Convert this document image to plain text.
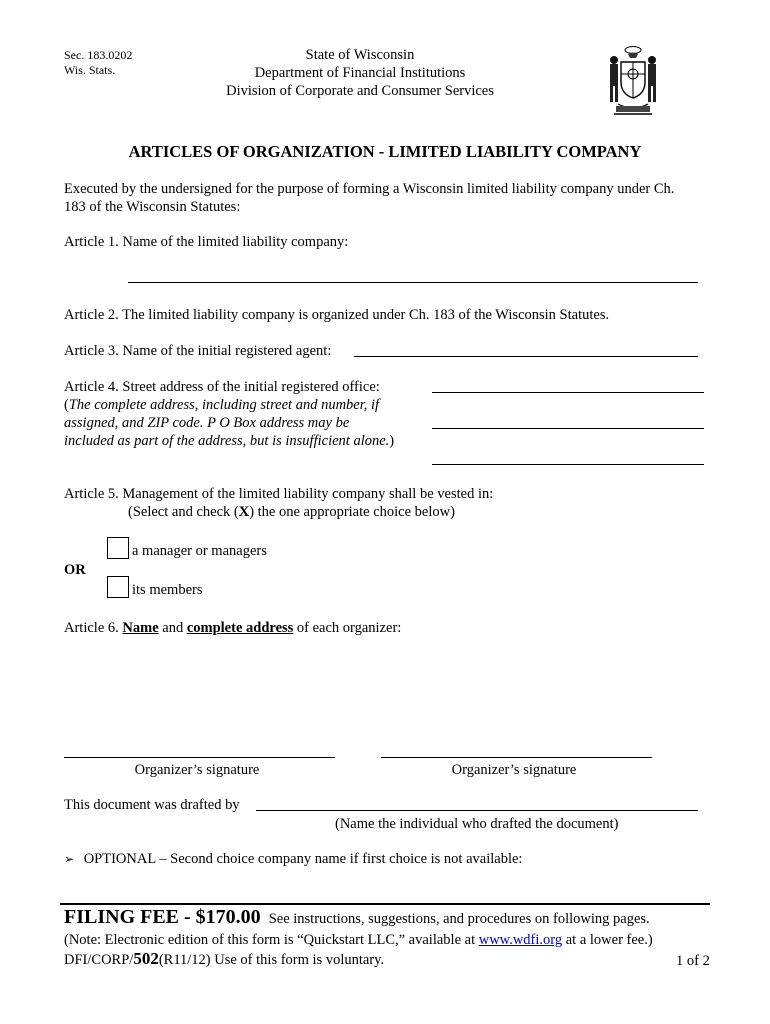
Sec. 183.0202
Wis. Stats.
State of Wisconsin
Department of Financial Institutions
Division of Corporate and Consumer Services
ARTICLES OF ORGANIZATION - LIMITED LIABILITY COMPANY
Executed by the undersigned for the purpose of forming a Wisconsin limited liability company under Ch.
183 of the Wisconsin Statutes:
Article 1. Name of the limited liability company:
Article 2. The limited liability company is organized under Ch. 183 of the Wisconsin Statutes.
Article 3. Name of the initial registered agent:
Article 4. Street address of the initial registered office:
(The complete address, including street and number, if
assigned, and ZIP code. P O Box address may be
included as part of the address, but is insufficient alone.)
Article 5. Management of the limited liability company shall be vested in:
(Select and check (X) the one appropriate choice below)
a manager or managers
OR
its members
Article 6. Name and complete address of each organizer:
Organizer’s signature	Organizer’s signature
This document was drafted by
(Name the individual who drafted the document)
➢ OPTIONAL – Second choice company name if first choice is not available:
FILING FEE - $170.00 See instructions, suggestions, and procedures on following pages.
(Note: Electronic edition of this form is “Quickstart LLC,” available at www.wdfi.org at a lower fee.)
DFI/CORP/502(R11/12) Use of this form is voluntary.	1 of 2
